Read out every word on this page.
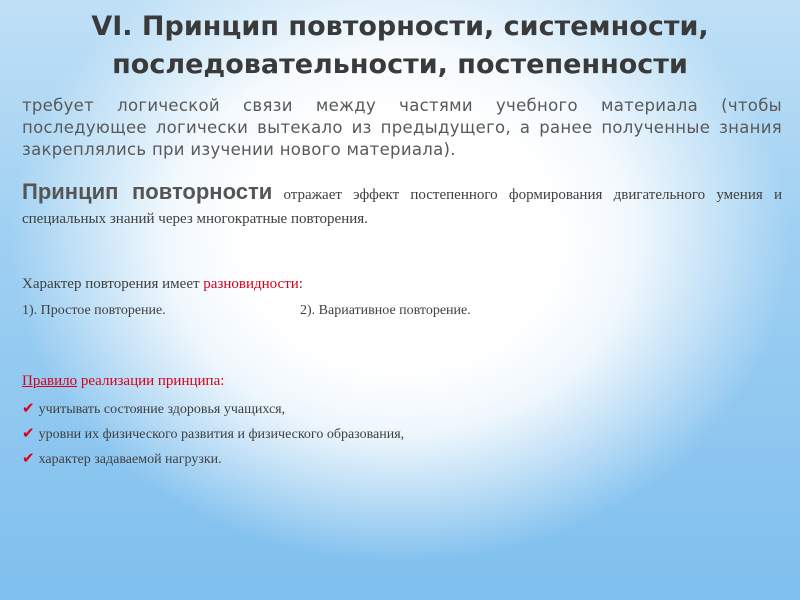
VI. Принцип повторности, системности,
последовательности, постепенности

требует логической связи между частями учебного материала (чтобы последующее логически вытекало из предыдущего, а ранее полученные знания закреплялись при изучении нового материала).

Принцип повторности отражает эффект постепенного формирования двигательного умения и специальных знаний через многократные повторения.

Характер повторения имеет разновидности:

1). Простое повторение.	2). Вариативное повторение.

Правило реализации принципа:

✔ учитывать состояние здоровья учащихся,
✔ уровни их физического развития и физического образования,
✔ характер задаваемой нагрузки.
